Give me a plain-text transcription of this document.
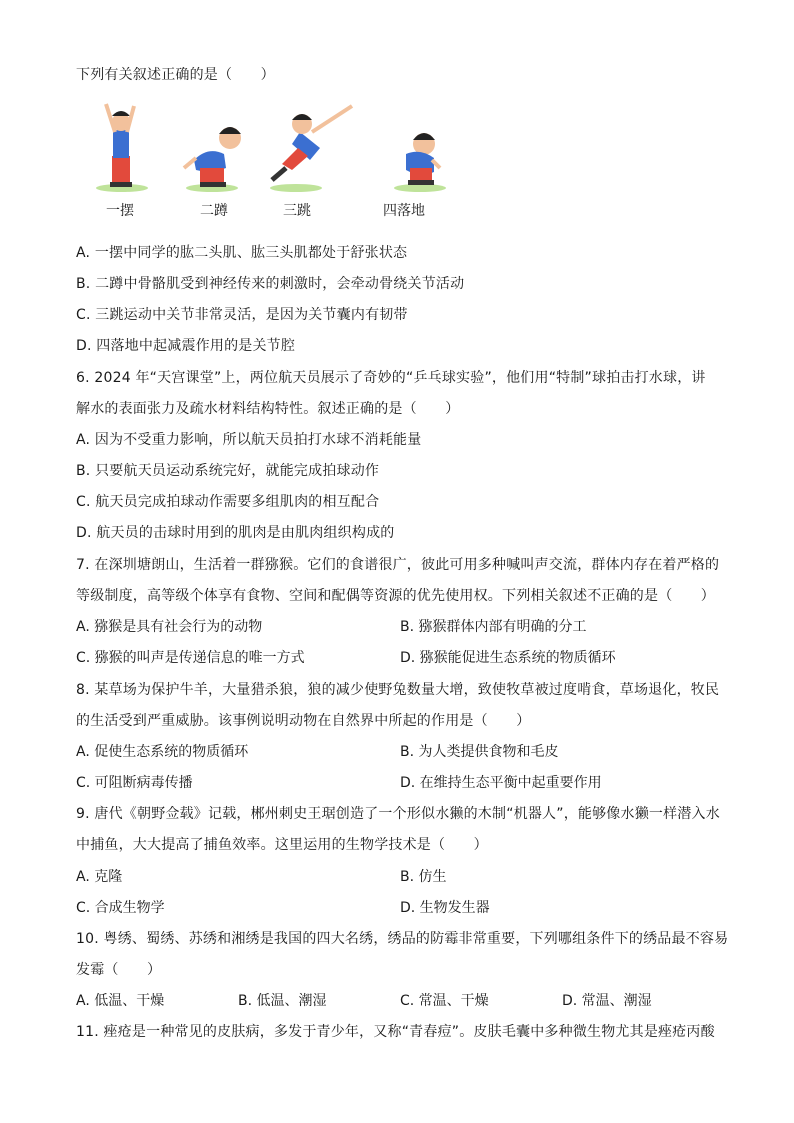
下列有关叙述正确的是（　　）
一摆	二蹲	三跳	四落地
A. 一摆中同学的肱二头肌、肱三头肌都处于舒张状态
B. 二蹲中骨骼肌受到神经传来的刺激时，会牵动骨绕关节活动
C. 三跳运动中关节非常灵活，是因为关节囊内有韧带
D. 四落地中起减震作用的是关节腔
6. 2024 年“天宫课堂”上，两位航天员展示了奇妙的“乒乓球实验”，他们用“特制”球拍击打水球，讲
解水的表面张力及疏水材料结构特性。叙述正确的是（　　）
A. 因为不受重力影响，所以航天员拍打水球不消耗能量
B. 只要航天员运动系统完好，就能完成拍球动作
C. 航天员完成拍球动作需要多组肌肉的相互配合
D. 航天员的击球时用到的肌肉是由肌肉组织构成的
7. 在深圳塘朗山，生活着一群猕猴。它们的食谱很广，彼此可用多种喊叫声交流，群体内存在着严格的
等级制度，高等级个体享有食物、空间和配偶等资源的优先使用权。下列相关叙述不正确的是（　　）
A. 猕猴是具有社会行为的动物	B. 猕猴群体内部有明确的分工
C. 猕猴的叫声是传递信息的唯一方式	D. 猕猴能促进生态系统的物质循环
8. 某草场为保护牛羊，大量猎杀狼，狼的减少使野兔数量大增，致使牧草被过度啃食，草场退化，牧民
的生活受到严重威胁。该事例说明动物在自然界中所起的作用是（　　）
A. 促使生态系统的物质循环	B. 为人类提供食物和毛皮
C. 可阻断病毒传播	D. 在维持生态平衡中起重要作用
9. 唐代《朝野佥载》记载，郴州刺史王琚创造了一个形似水獭的木制“机器人”，能够像水獭一样潜入水
中捕鱼，大大提高了捕鱼效率。这里运用的生物学技术是（　　）
A. 克隆	B. 仿生
C. 合成生物学	D. 生物发生器
10. 粤绣、蜀绣、苏绣和湘绣是我国的四大名绣，绣品的防霉非常重要，下列哪组条件下的绣品最不容易
发霉（　　）
A. 低温、干燥	B. 低温、潮湿	C. 常温、干燥	D. 常温、潮湿
11. 痤疮是一种常见的皮肤病，多发于青少年，又称“青春痘”。皮肤毛囊中多种微生物尤其是痤疮丙酸
